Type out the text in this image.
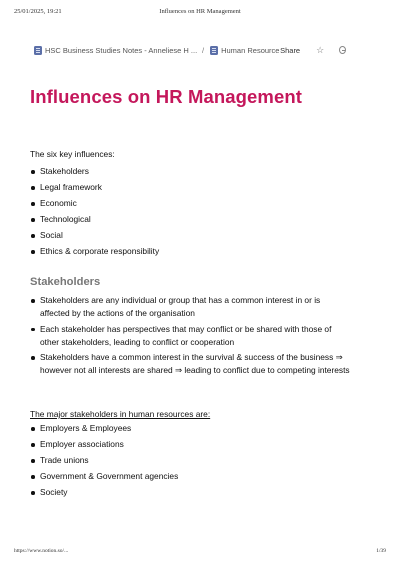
25/01/2025, 19:21	Influences on HR Management
HSC Business Studies Notes - Anneliese H ... / Human Resource Share ☆
Influences on HR Management

The six key influences:

Stakeholders
Legal framework
Economic
Technological
Social
Ethics & corporate responsibility
Stakeholders
Stakeholders are any individual or group that has a common interest in or is affected by the actions of the organisation
Each stakeholder has perspectives that may conflict or be shared with those of other stakeholders, leading to conflict or cooperation
Stakeholders have a common interest in the survival & success of the business ⇒ however not all interests are shared ⇒ leading to conflict due to competing interests

The major stakeholders in human resources are:

Employers & Employees
Employer associations
Trade unions
Government & Government agencies
Society
https://www.notion.so/...	1/39
